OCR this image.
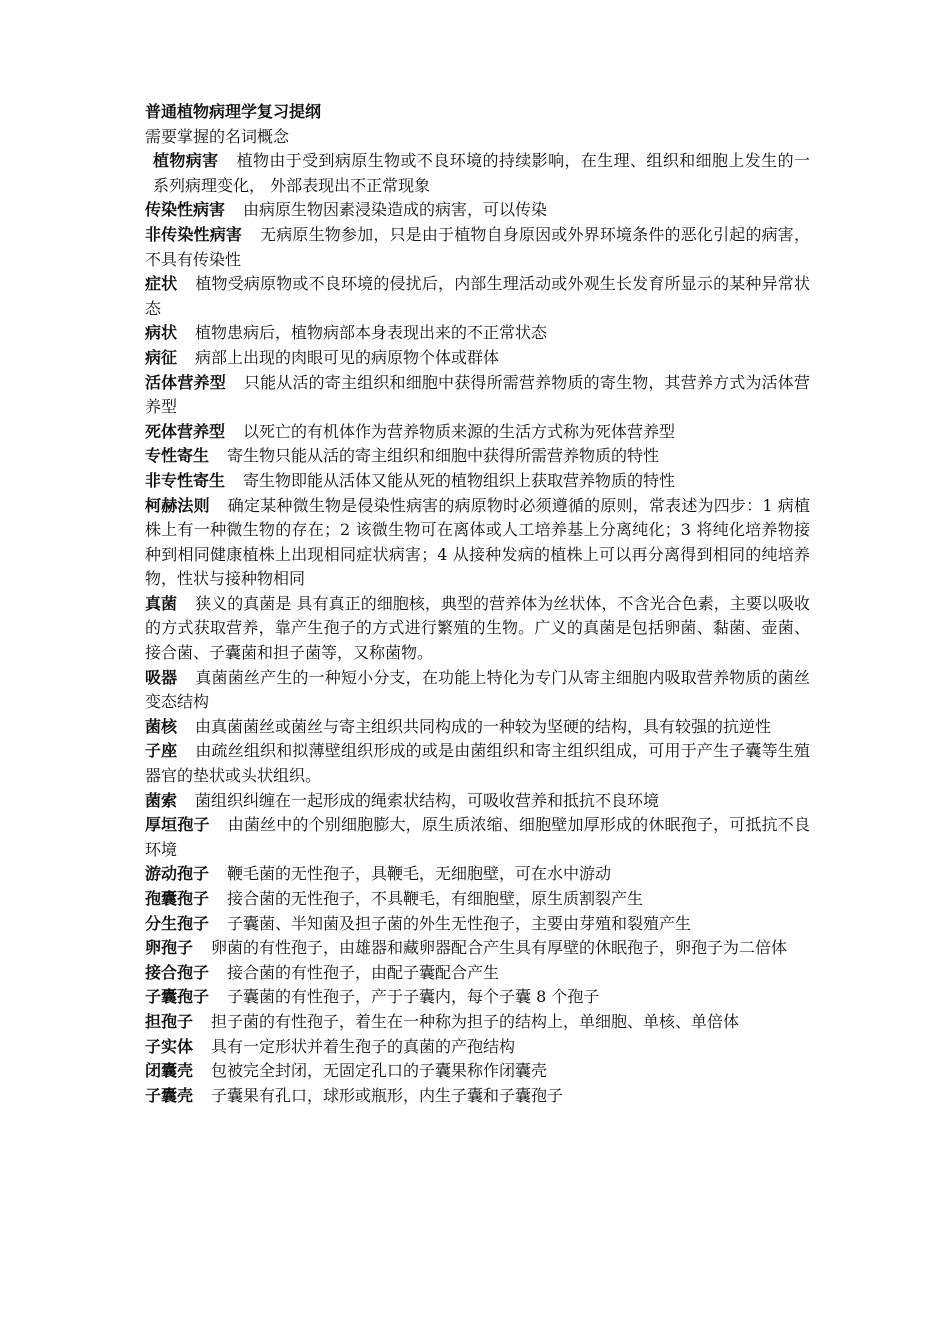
普通植物病理学复习提纲

需要掌握的名词概念

植物病害 植物由于受到病原生物或不良环境的持续影响，在生理、组织和细胞上发生的一系列病理变化， 外部表现出不正常现象

传染性病害 由病原生物因素浸染造成的病害，可以传染

非传染性病害 无病原生物参加，只是由于植物自身原因或外界环境条件的恶化引起的病害，不具有传染性

症状 植物受病原物或不良环境的侵扰后，内部生理活动或外观生长发育所显示的某种异常状态

病状 植物患病后，植物病部本身表现出来的不正常状态

病征 病部上出现的肉眼可见的病原物个体或群体

活体营养型 只能从活的寄主组织和细胞中获得所需营养物质的寄生物，其营养方式为活体营养型

死体营养型 以死亡的有机体作为营养物质来源的生活方式称为死体营养型

专性寄生 寄生物只能从活的寄主组织和细胞中获得所需营养物质的特性

非专性寄生 寄生物即能从活体又能从死的植物组织上获取营养物质的特性

柯赫法则 确定某种微生物是侵染性病害的病原物时必须遵循的原则，常表述为四步：1 病植株上有一种微生物的存在；2 该微生物可在离体或人工培养基上分离纯化；3 将纯化培养物接种到相同健康植株上出现相同症状病害；4 从接种发病的植株上可以再分离得到相同的纯培养物，性状与接种物相同

真菌 狭义的真菌是 具有真正的细胞核，典型的营养体为丝状体，不含光合色素，主要以吸收的方式获取营养，靠产生孢子的方式进行繁殖的生物。广义的真菌是包括卵菌、黏菌、壶菌、接合菌、子囊菌和担子菌等，又称菌物。

吸器 真菌菌丝产生的一种短小分支，在功能上特化为专门从寄主细胞内吸取营养物质的菌丝变态结构

菌核 由真菌菌丝或菌丝与寄主组织共同构成的一种较为坚硬的结构，具有较强的抗逆性

子座 由疏丝组织和拟薄壁组织形成的或是由菌组织和寄主组织组成，可用于产生子囊等生殖器官的垫状或头状组织。

菌索 菌组织纠缠在一起形成的绳索状结构，可吸收营养和抵抗不良环境

厚垣孢子 由菌丝中的个别细胞膨大，原生质浓缩、细胞壁加厚形成的休眠孢子，可抵抗不良环境

游动孢子 鞭毛菌的无性孢子，具鞭毛，无细胞壁，可在水中游动

孢囊孢子 接合菌的无性孢子，不具鞭毛，有细胞壁，原生质割裂产生

分生孢子 子囊菌、半知菌及担子菌的外生无性孢子，主要由芽殖和裂殖产生

卵孢子 卵菌的有性孢子，由雄器和藏卵器配合产生具有厚壁的休眠孢子，卵孢子为二倍体

接合孢子 接合菌的有性孢子，由配子囊配合产生

子囊孢子 子囊菌的有性孢子，产于子囊内，每个子囊 8 个孢子

担孢子 担子菌的有性孢子，着生在一种称为担子的结构上，单细胞、单核、单倍体

子实体 具有一定形状并着生孢子的真菌的产孢结构

闭囊壳 包被完全封闭，无固定孔口的子囊果称作闭囊壳

子囊壳 子囊果有孔口，球形或瓶形，内生子囊和子囊孢子
